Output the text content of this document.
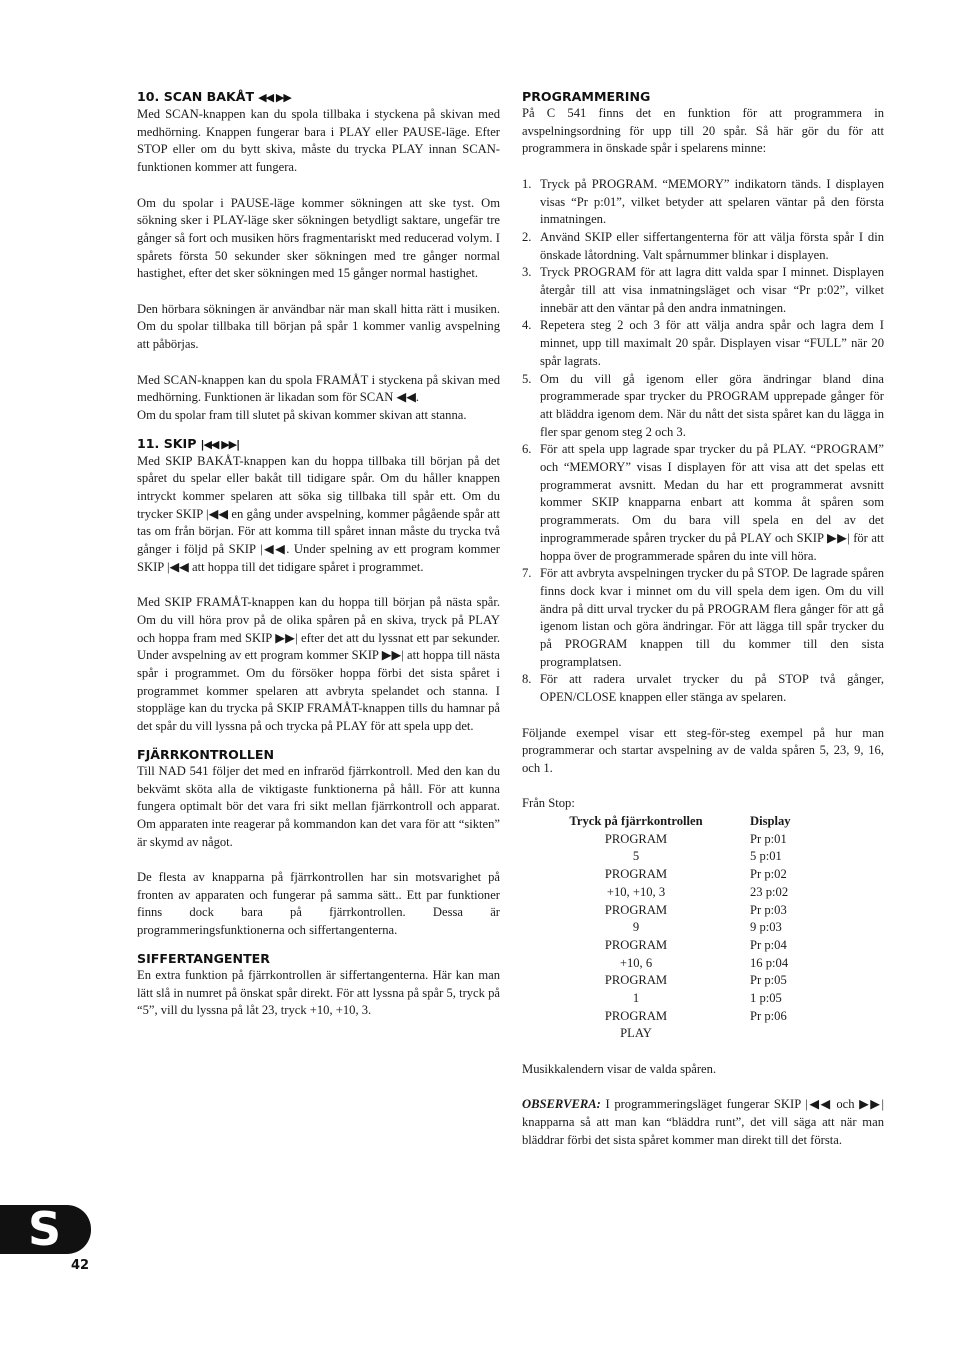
10. SCAN BAKÅT ◀◀ ▶▶

Med SCAN-knappen kan du spola tillbaka i styckena på skivan med medhörning. Knappen fungerar bara i PLAY eller PAUSE-läge. Efter STOP eller om du bytt skiva, måste du trycka PLAY innan SCAN- funktionen kommer att fungera.

Om du spolar i PAUSE-läge kommer sökningen att ske tyst. Om sökning sker i PLAY-läge sker sökningen betydligt saktare, ungefär tre gånger så fort och musiken hörs fragmentariskt med reducerad volym. I spårets första 50 sekunder sker sökningen med tre gånger normal hastighet, efter det sker sökningen med 15 gånger normal hastighet.

Den hörbara sökningen är användbar när man skall hitta rätt i musiken. Om du spolar tillbaka till början på spår 1 kommer vanlig avspelning att påbörjas.

Med SCAN-knappen kan du spola FRAMÅT i styckena på skivan med medhörning. Funktionen är likadan som för SCAN ◀◀.

Om du spolar fram till slutet på skivan kommer skivan att stanna.

11. SKIP |◀◀ ▶▶|

Med SKIP BAKÅT-knappen kan du hoppa tillbaka till början på det spåret du spelar eller bakåt till tidigare spår. Om du håller knappen intryckt kommer spelaren att söka sig tillbaka till spår ett. Om du trycker SKIP |◀◀ en gång under avspelning, kommer pågående spår att tas om från början. För att komma till spåret innan måste du trycka två gånger i följd på SKIP |◀◀. Under spelning av ett program kommer SKIP |◀◀ att hoppa till det tidigare spåret i programmet.

Med SKIP FRAMÅT-knappen kan du hoppa till början på nästa spår. Om du vill höra prov på de olika spåren på en skiva, tryck på PLAY och hoppa fram med SKIP ▶▶| efter det att du lyssnat ett par sekunder. Under avspelning av ett program kommer SKIP ▶▶| att hoppa till nästa spår i programmet. Om du försöker hoppa förbi det sista spåret i programmet kommer spelaren att avbryta spelandet och stanna. I stoppläge kan du trycka på SKIP FRAMÅT-knappen tills du hamnar på det spår du vill lyssna på och trycka på PLAY för att spela upp det.

FJÄRRKONTROLLEN

Till NAD 541 följer det med en infraröd fjärrkontroll. Med den kan du bekvämt sköta alla de viktigaste funktionerna på håll. För att kunna fungera optimalt bör det vara fri sikt mellan fjärrkontroll och apparat. Om apparaten inte reagerar på kommandon kan det vara för att “sikten” är skymd av något.

De flesta av knapparna på fjärrkontrollen har sin motsvarighet på fronten av apparaten och fungerar på samma sätt.. Ett par funktioner finns dock bara på fjärrkontrollen. Dessa är programmeringsfunktionerna och siffertangenterna.

SIFFERTANGENTER

En extra funktion på fjärrkontrollen är siffertangenterna. Här kan man lätt slå in numret på önskat spår direkt. För att lyssna på spår 5, tryck på “5”, vill du lyssna på låt 23, tryck +10, +10, 3.

PROGRAMMERING

På C 541 finns det en funktion för att programmera in avspelningsordning för upp till 20 spår. Så här gör du för att programmera in önskade spår i spelarens minne:

1. Tryck på PROGRAM. “MEMORY” indikatorn tänds. I displayen visas “Pr p:01”, vilket betyder att spelaren väntar på den första inmatningen.
2. Använd SKIP eller siffertangenterna för att välja första spår I din önskade låtordning. Valt spårnummer blinkar i displayen.
3. Tryck PROGRAM för att lagra ditt valda spar I minnet. Displayen återgår till att visa inmatningsläget och visar “Pr p:02”, vilket innebär att den väntar på den andra inmatningen.
4. Repetera steg 2 och 3 för att välja andra spår och lagra dem I minnet, upp till maximalt 20 spår. Displayen visar “FULL” när 20 spår lagrats.
5. Om du vill gå igenom eller göra ändringar bland dina programmerade spar trycker du PROGRAM upprepade gånger för att bläddra igenom dem. När du nått det sista spåret kan du lägga in fler spar genom steg 2 och 3.
6. För att spela upp lagrade spar trycker du på PLAY. “PROGRAM” och “MEMORY” visas I displayen för att visa att det spelas ett programmerat avsnitt. Medan du har ett programmerat avsnitt kommer SKIP knapparna enbart att komma åt spåren som programmerats. Om du bara vill spela en del av det inprogrammerade spåren trycker du på PLAY och SKIP ▶▶| för att hoppa över de programmerade spåren du inte vill höra.
7. För att avbryta avspelningen trycker du på STOP. De lagrade spåren finns dock kvar i minnet om du vill spela dem igen. Om du vill ändra på ditt urval trycker du på PROGRAM flera gånger för att gå igenom listan och göra ändringar. För att lägga till spår trycker du på PROGRAM knappen till du kommer till den sista programplatsen.
8. För att radera urvalet trycker du på STOP två gånger, OPEN/CLOSE knappen eller stänga av spelaren.

Följande exempel visar ett steg-för-steg exempel på hur man programmerar och startar avspelning av de valda spåren 5, 23, 9, 16, och 1.

Från Stop:

Tryck på fjärrkontrollen	Display
PROGRAM	Pr p:01
5	5 p:01
PROGRAM	Pr p:02
+10, +10, 3	23 p:02
PROGRAM	Pr p:03
9	9 p:03
PROGRAM	Pr p:04
+10, 6	16 p:04
PROGRAM	Pr p:05
1	1 p:05
PROGRAM	Pr p:06
PLAY

Musikkalendern visar de valda spåren.

OBSERVERA: I programmeringsläget fungerar SKIP |◀◀ och ▶▶| knapparna så att man kan “bläddra runt”, det vill säga att när man bläddrar förbi det sista spåret kommer man direkt till det första.

S
42
